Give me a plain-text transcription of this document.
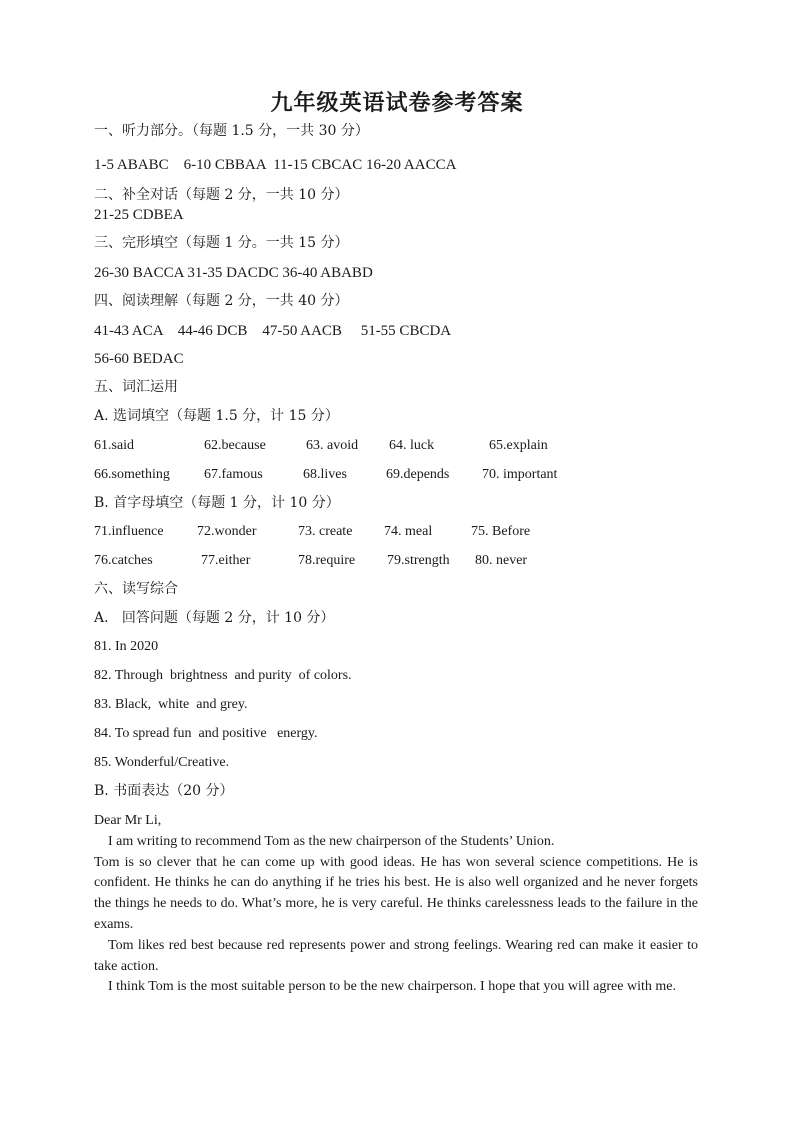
九年级英语试卷参考答案
一、听力部分。（每题 1.5 分，一共 30 分）
1-5 ABABC    6-10 CBBAA  11-15 CBCAC 16-20 AACCA
二、补全对话（每题 2 分，一共 10 分）
21-25 CDBEA
三、完形填空（每题 1 分。一共 15 分）
26-30 BACCA 31-35 DACDC 36-40 ABABD
四、阅读理解（每题 2 分，一共 40 分）
41-43 ACA    44-46 DCB    47-50 AACB     51-55 CBCDA
56-60 BEDAC
五、词汇运用
A. 选词填空（每题 1.5 分，计 15 分）
61.said	62.because	63. avoid 64. luck	65.explain
66.something 67.famous	68.lives	69.depends 70. important
B. 首字母填空（每题 1 分，计 10 分）
71.influence 72.wonder	73. create 74. meal	75. Before
76.catches	77.either	78.require 79.strength 80. never
六、读写综合
A.   回答问题（每题 2 分，计 10 分）
81. In 2020
82. Through  brightness  and purity  of colors.
83. Black,  white  and grey.
84. To spread fun  and positive   energy.
85. Wonderful/Creative.
B. 书面表达（20 分）

Dear Mr Li,

I am writing to recommend Tom as the new chairperson of the Students’ Union.

Tom is so clever that he can come up with good ideas. He has won several science competitions. He is confident. He thinks he can do anything if he tries his best. He is also well organized and he never forgets the things he needs to do. What’s more, he is very careful. He thinks carelessness leads to the failure in the exams.

Tom likes red best because red represents power and strong feelings. Wearing red can make it easier to take action.

I think Tom is the most suitable person to be the new chairperson. I hope that you will agree with me.
